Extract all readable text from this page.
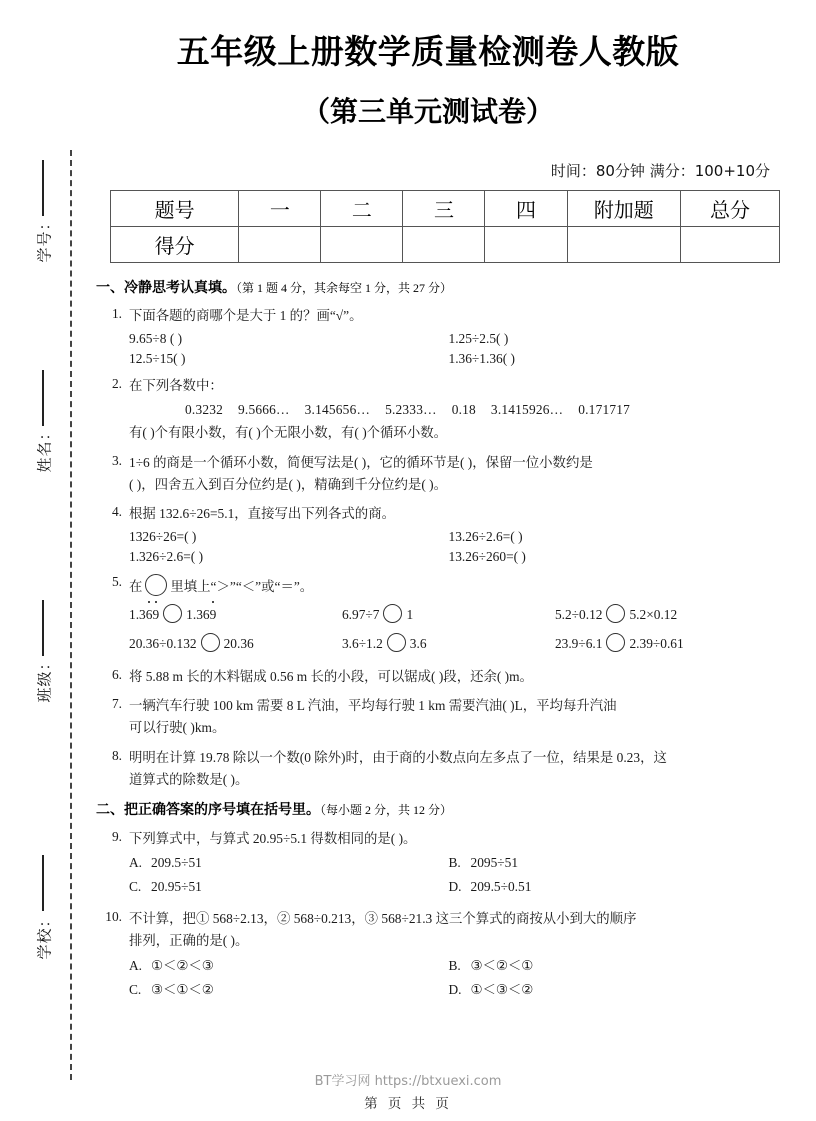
学号：
姓名：
班级：
学校：
五年级上册数学质量检测卷人教版
（第三单元测试卷）
时间：80分钟 满分：100+10分
题号	一	二	三	四	附加题	总分
得分						
一、冷静思考认真填。（第 1 题 4 分，其余每空 1 分，共 27 分）
1. 下面各题的商哪个是大于 1 的？画“√”。
9.65÷8 ( )	1.25÷2.5( )
12.5÷15( )	1.36÷1.36( )
2. 在下列各数中：
0.3232 9.5666… 3.145656… 5.2333… 0.18 3.1415926… 0.171717
有( )个有限小数，有( )个无限小数，有( )个循环小数。
3. 1÷6 的商是一个循环小数，简便写法是( )，它的循环节是( )，保留一位小数约是
( )，四舍五入到百分位约是( )，精确到千分位约是( )。
4. 根据 132.6÷26=5.1，直接写出下列各式的商。
1326÷26=( )	13.26÷2.6=( )
1.326÷2.6=( )	13.26÷260=( )
5. 在 里填上“＞”“＜”或“＝”。
1.369 1.369	6.97÷7 1	5.2÷0.12 5.2×0.12
20.36÷0.132 20.36	3.6÷1.2 3.6	23.9÷6.1 2.39÷0.61
6. 将 5.88 m 长的木料锯成 0.56 m 长的小段，可以锯成( )段，还余( )m。
7. 一辆汽车行驶 100 km 需要 8 L 汽油，平均每行驶 1 km 需要汽油( )L，平均每升汽油
可以行驶( )km。
8. 明明在计算 19.78 除以一个数(0 除外)时，由于商的小数点向左多点了一位，结果是 0.23，这
道算式的除数是( )。
二、把正确答案的序号填在括号里。（每小题 2 分，共 12 分）
9. 下列算式中，与算式 20.95÷5.1 得数相同的是( )。
A. 209.5÷51	B. 2095÷51
C. 20.95÷51	D. 209.5÷0.51
10. 不计算，把① 568÷2.13，② 568÷0.213，③ 568÷21.3 这三个算式的商按从小到大的顺序
排列，正确的是( )。
A. ①＜②＜③	B. ③＜②＜①
C. ③＜①＜②	D. ①＜③＜②
BT学习网 https://btxuexi.com
第 页 共 页
